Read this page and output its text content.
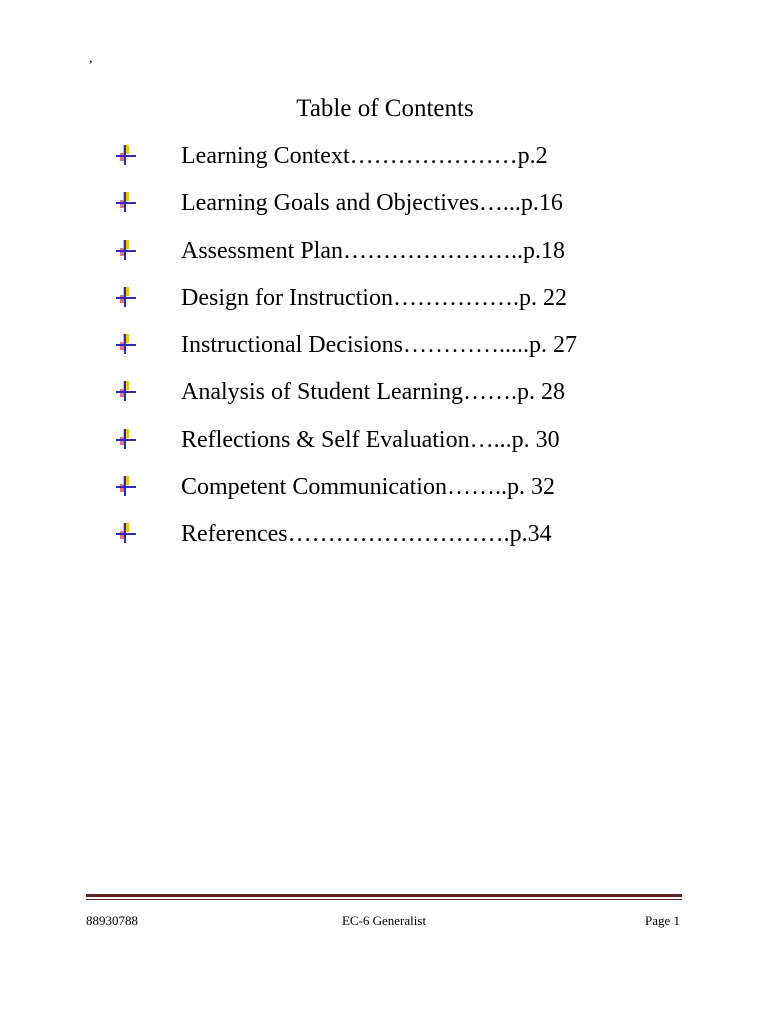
,
Table of Contents
Learning Context…………………p.2
Learning Goals and Objectives…...p.16
Assessment Plan…………………..p.18
Design for Instruction…………….p. 22
Instructional Decisions………….....p. 27
Analysis of Student Learning…….p. 28
Reflections & Self Evaluation…...p. 30
Competent Communication……..p. 32
References……………………….p.34
88930788	EC-6 Generalist	Page 1
